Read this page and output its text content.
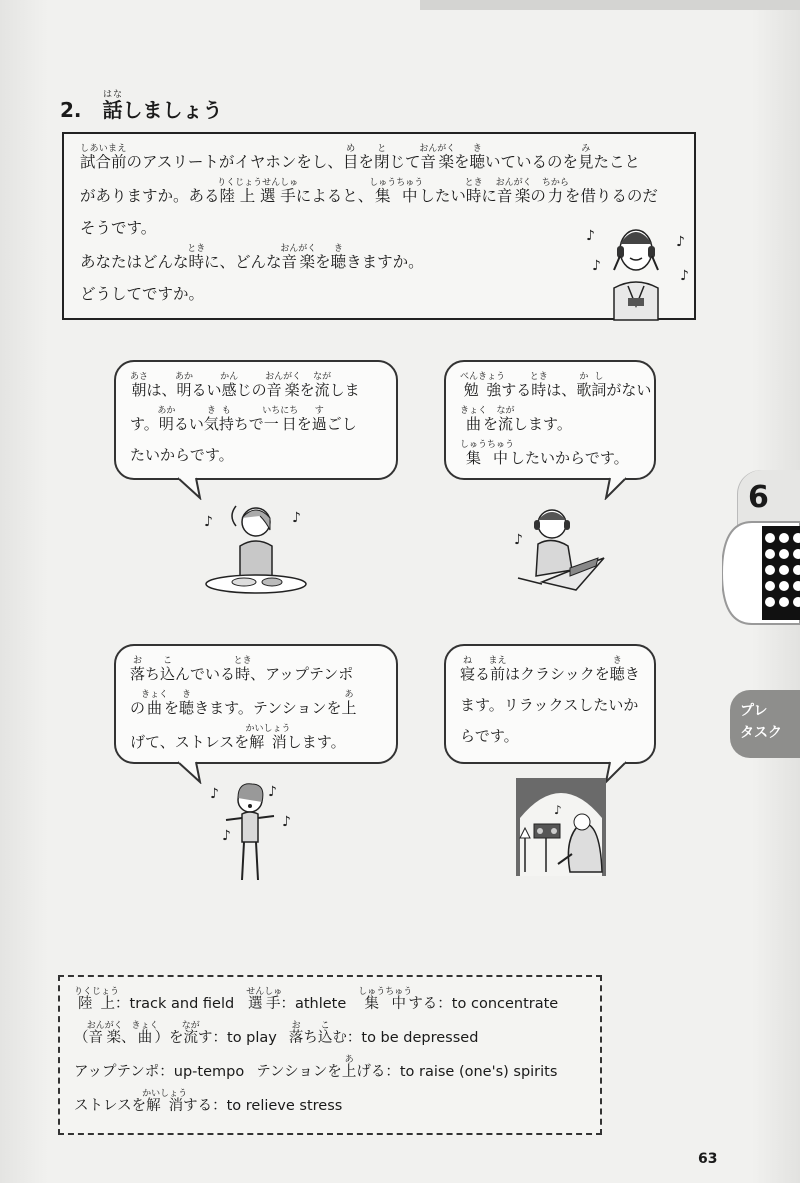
2. 話はなしましょう
試合前しあいまえのアスリートがイヤホンをし、目めを閉とじて音楽おんがくを聴きいているのを見みたこと
がありますか。ある陸上選手りくじょうせんしゅによると、集中しゅうちゅうしたい時ときに音楽おんがくの力ちからを借りるのだ
そうです。
あなたはどんな時ときに、どんな音楽おんがくを聴ききますか。
どうしてですか。
♪	♪
♪
♪

朝あさは、明あかるい感かんじの音楽おんがくを流ながしま

す。明あかるい気持きもちで一日いちにちを過すごし

たいからです。

勉強べんきょうする時ときは、歌詞かしがない

曲きょくを流ながします。

集中しゅうちゅうしたいからです。

♪	♪
♪

落おち込こんでいる時とき、アップテンポ

の曲きょくを聴ききます。テンションを上あ

げて、ストレスを解消かいしょうします。

寝ねる前まえはクラシックを聴きき

ます。リラックスしたいか

らです。

♪	♪
♪
♪
♪
陸上りくじょう：track and field 選手せんしゅ：athlete 集中しゅうちゅうする：to concentrate
（音楽おんがく、曲きょく）を流ながす：to play 落おち込こむ：to be depressed
アップテンポ：up-tempo テンションを上あげる：to raise (one's) spirits
ストレスを解消かいしょうする：to relieve stress
6
プレ
タスク
63
